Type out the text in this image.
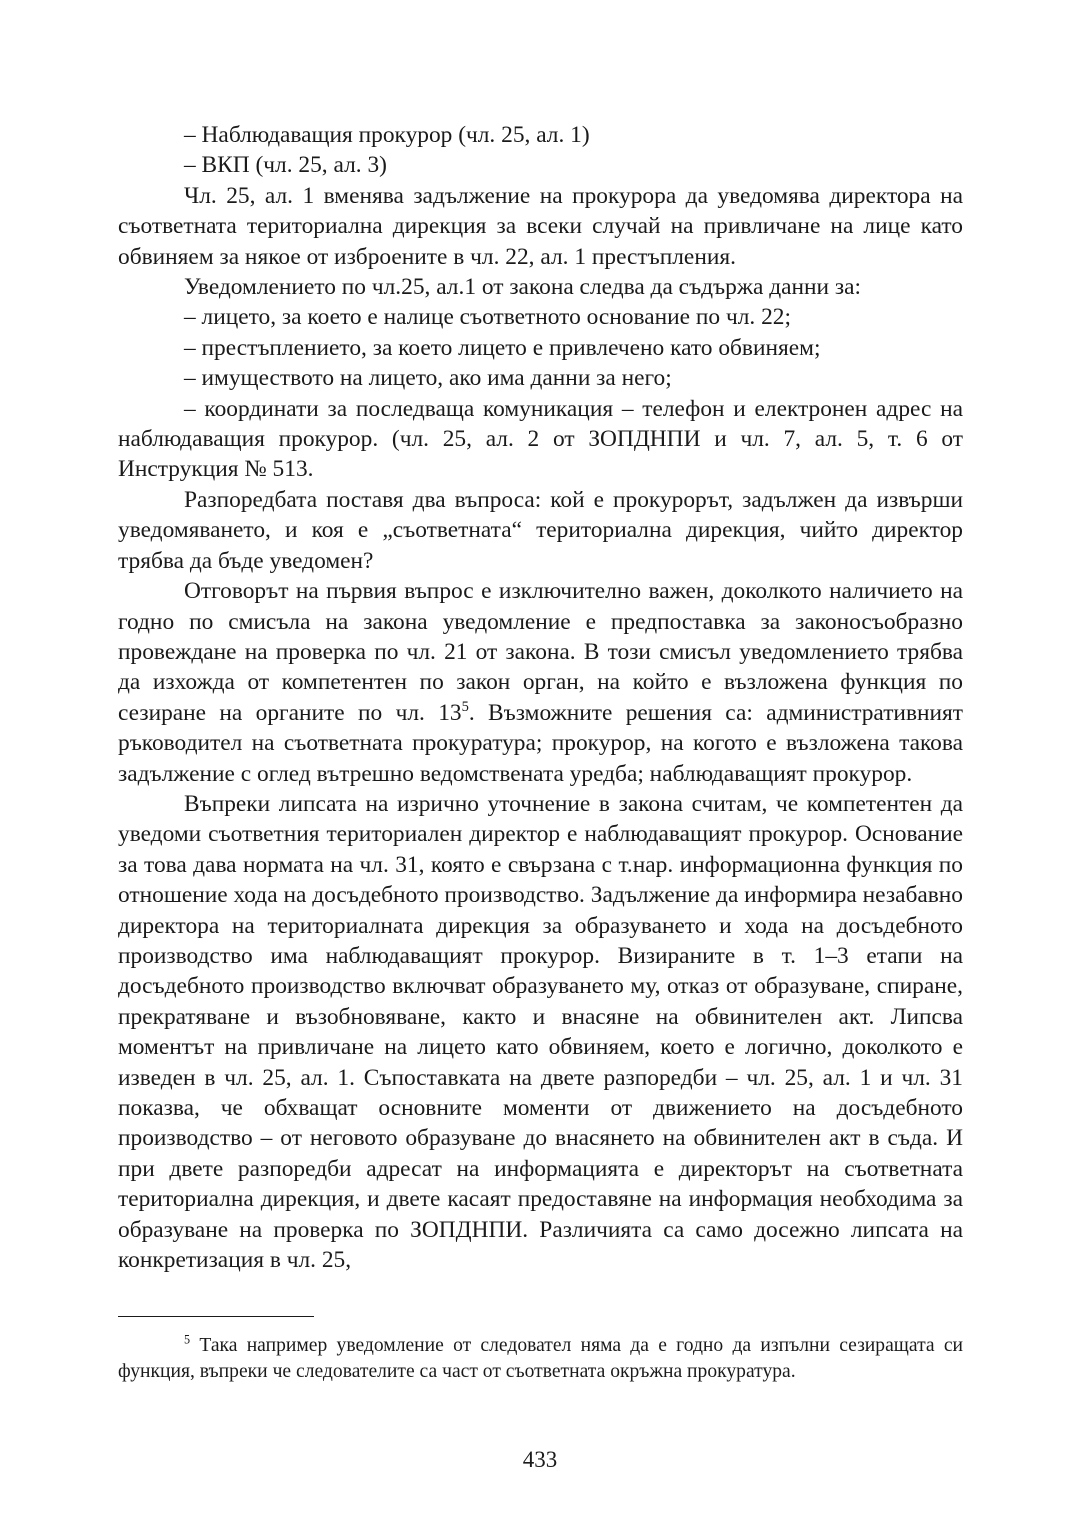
– Наблюдаващия прокурор (чл. 25, ал. 1)

– ВКП (чл. 25, ал. 3)

Чл. 25, ал. 1 вменява задължение на прокурора да уведомява директора на съответната териториална дирекция за всеки случай на привличане на лице като обвиняем за някое от изброените в чл. 22, ал. 1 престъпления.

Уведомлението по чл.25, ал.1 от закона следва да съдържа данни за:

– лицето, за което е налице съответното основание по чл. 22;

– престъплението, за което лицето е привлечено като обвиняем;

– имуществото на лицето, ако има данни за него;

– координати за последваща комуникация – телефон и електронен адрес на наблюдаващия прокурор. (чл. 25, ал. 2 от ЗОПДНПИ и чл. 7, ал. 5, т. 6 от Инструкция № 513.

Разпоредбата поставя два въпроса: кой е прокурорът, задължен да извърши уведомяването, и коя е „съответната“ териториална дирекция, чийто директор трябва да бъде уведомен?

Отговорът на първия въпрос е изключително важен, доколкото наличието на годно по смисъла на закона уведомление е предпоставка за законосъобразно провеждане на проверка по чл. 21 от закона. В този смисъл уведомлението трябва да изхожда от компетентен по закон орган, на който е възложена функция по сезиране на органите по чл. $13^5$. Възможните решения са: административният ръководител на съответната прокуратура; прокурор, на когото е възложена такова задължение с оглед вътрешно ведомствената уредба; наблюдаващият прокурор.

Въпреки липсата на изрично уточнение в закона считам, че компетентен да уведоми съответния териториален директор е наблюдаващият прокурор. Основание за това дава нормата на чл. 31, която е свързана с т.нар. информационна функция по отношение хода на досъдебното производство. Задължение да информира незабавно директора на териториалната дирекция за образуването и хода на досъдебното производство има наблюдаващият прокурор. Визираните в т. 1–3 етапи на досъдебното производство включват образуването му, отказ от образуване, спиране, прекратяване и възобновяване, както и внасяне на обвинителен акт. Липсва моментът на привличане на лицето като обвиняем, което е логично, доколкото е изведен в чл. 25, ал. 1. Съпоставката на двете разпоредби – чл. 25, ал. 1 и чл. 31 показва, че обхващат основните моменти от движението на досъдебното производство – от неговото образуване до внасянето на обвинителен акт в съда. И при двете разпоредби адресат на информацията е директорът на съответната териториална дирекция, и двете касаят предоставяне на информация необходима за образуване на проверка по ЗОПДНПИ. Различията са само досежно липсата на конкретизация в чл. 25,

$^5$ Така например уведомление от следовател няма да е годно да изпълни сезиращата си функция, въпреки че следователите са част от съответната окръжна прокуратура.

433
